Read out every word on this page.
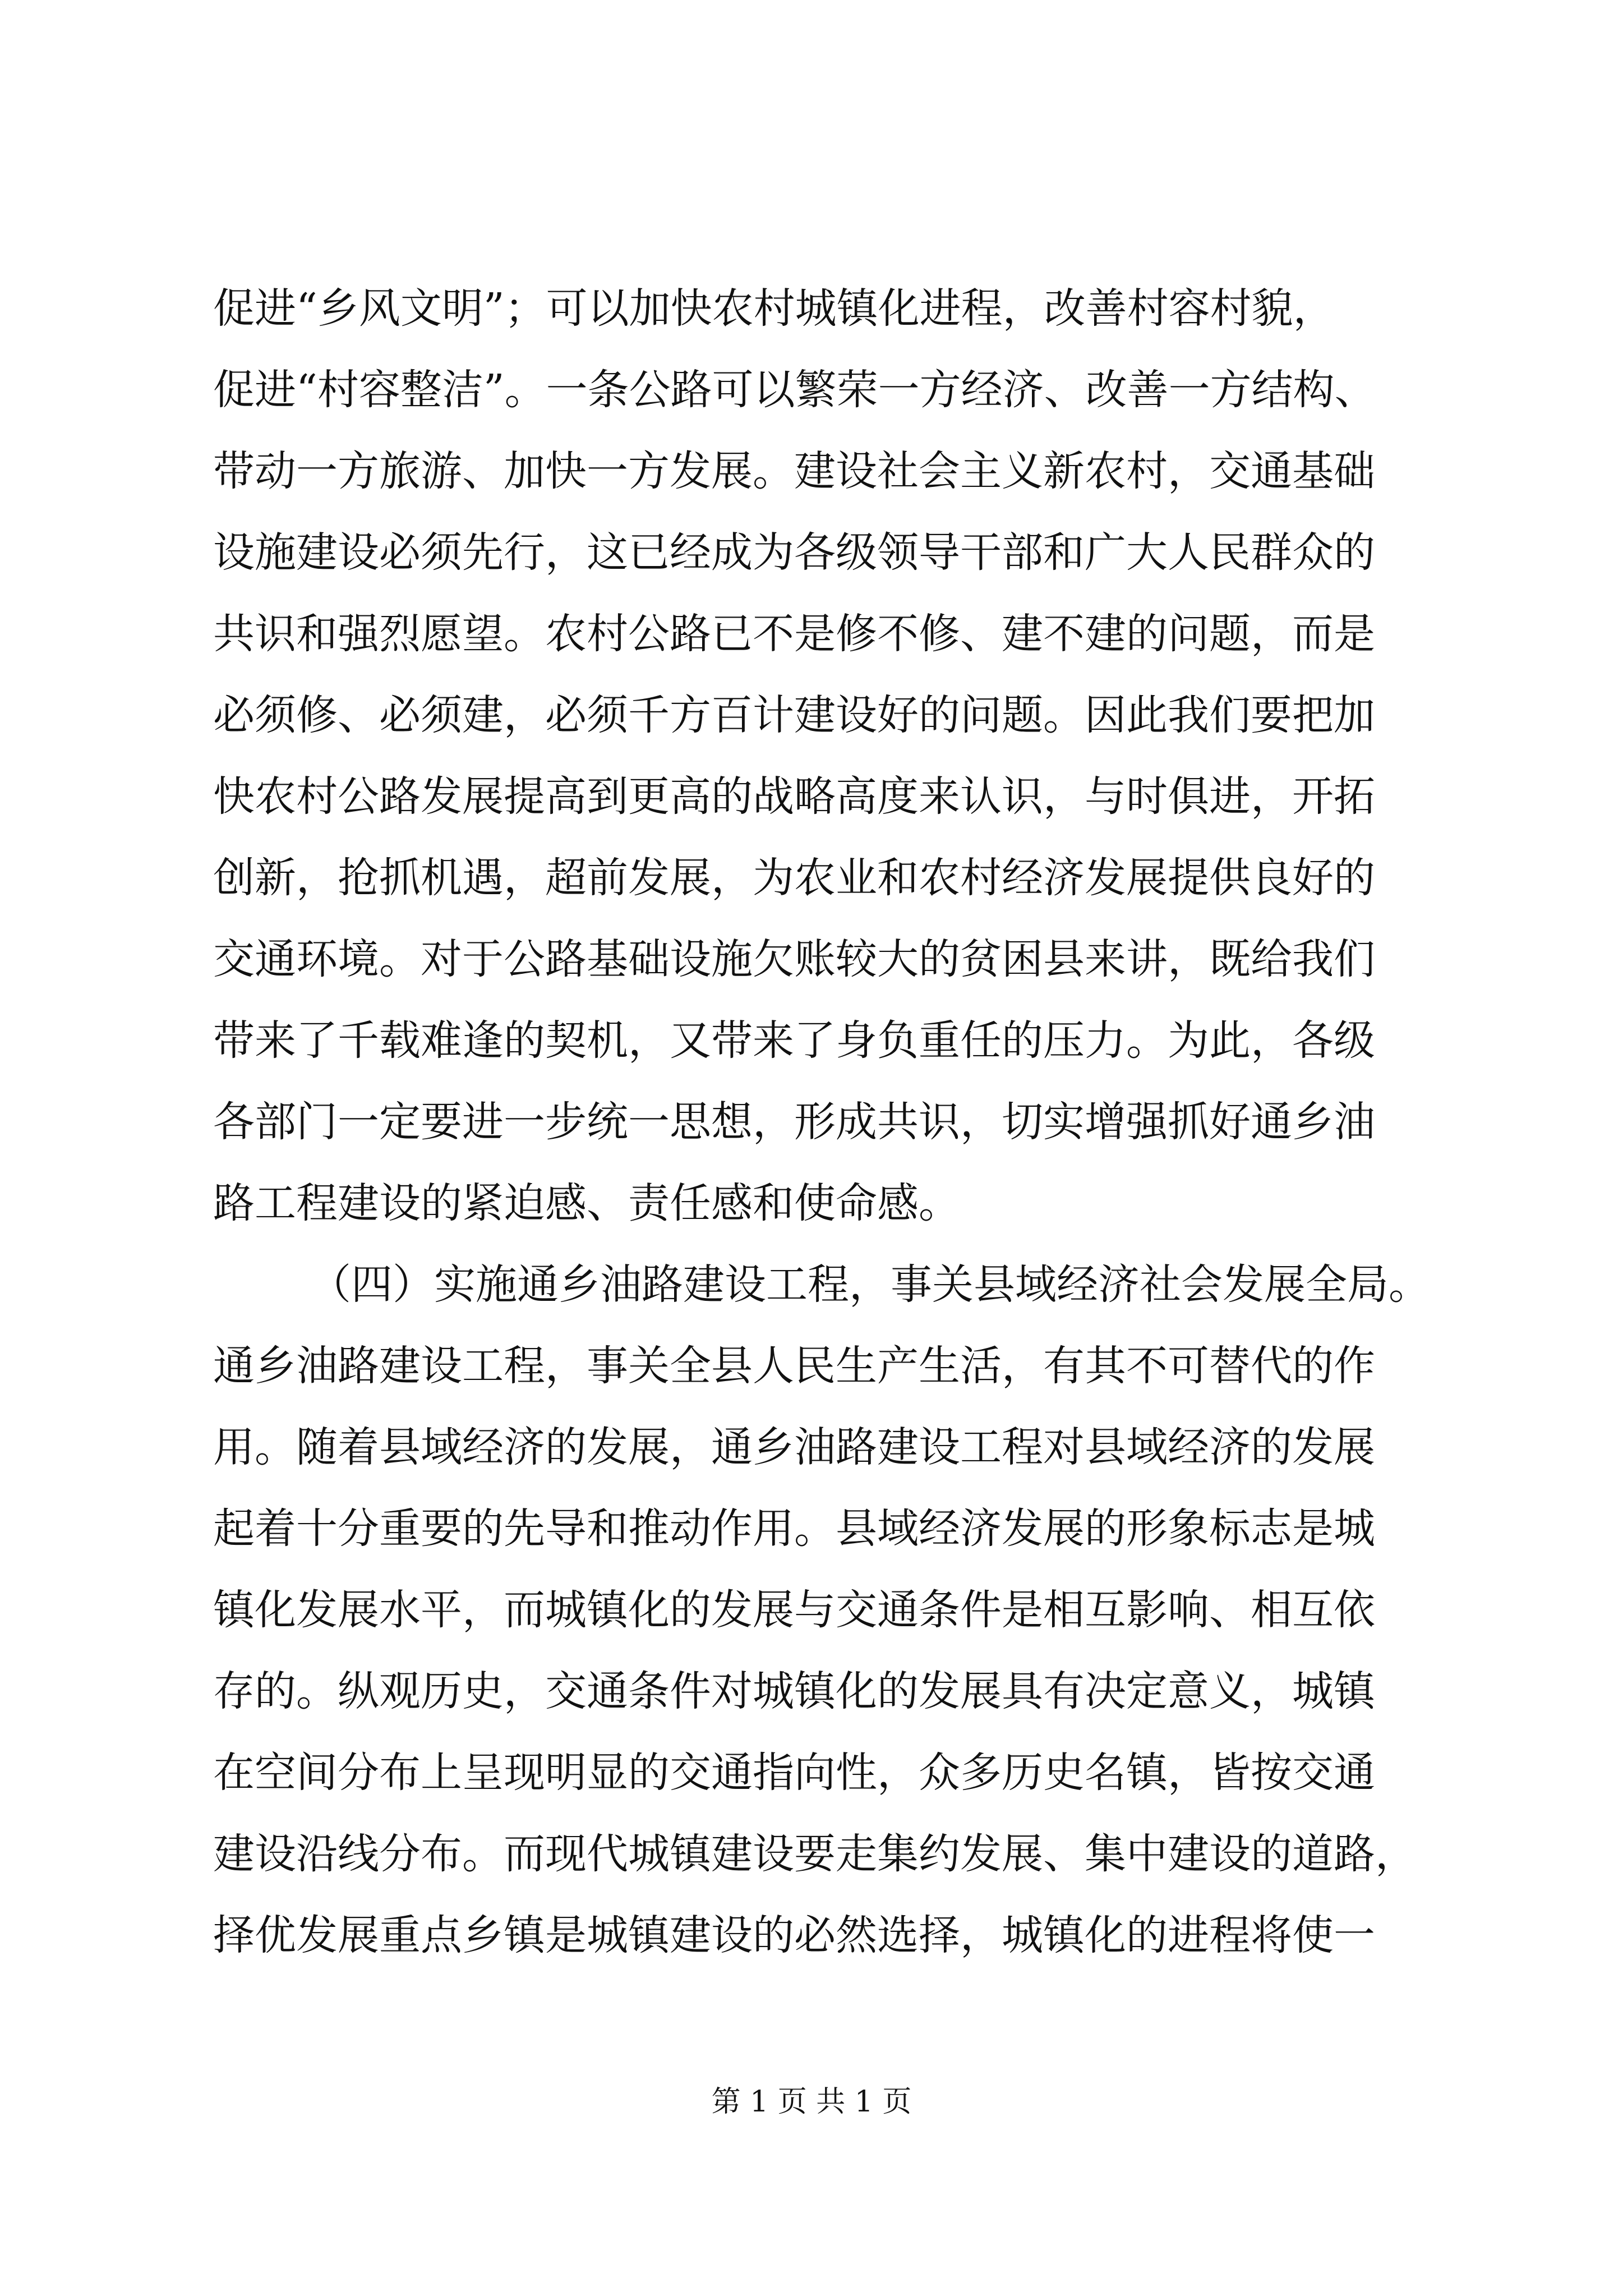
促进“乡风文明”；可以加快农村城镇化进程，改善村容村貌，
促进“村容整洁”。一条公路可以繁荣一方经济、改善一方结构、
带动一方旅游、加快一方发展。建设社会主义新农村，交通基础
设施建设必须先行，这已经成为各级领导干部和广大人民群众的
共识和强烈愿望。农村公路已不是修不修、建不建的问题，而是
必须修、必须建，必须千方百计建设好的问题。因此我们要把加
快农村公路发展提高到更高的战略高度来认识，与时俱进，开拓
创新，抢抓机遇，超前发展，为农业和农村经济发展提供良好的
交通环境。对于公路基础设施欠账较大的贫困县来讲，既给我们
带来了千载难逢的契机，又带来了身负重任的压力。为此，各级
各部门一定要进一步统一思想，形成共识，切实增强抓好通乡油
路工程建设的紧迫感、责任感和使命感。
（四）实施通乡油路建设工程，事关县域经济社会发展全局。
通乡油路建设工程，事关全县人民生产生活，有其不可替代的作
用。随着县域经济的发展，通乡油路建设工程对县域经济的发展
起着十分重要的先导和推动作用。县域经济发展的形象标志是城
镇化发展水平，而城镇化的发展与交通条件是相互影响、相互依
存的。纵观历史，交通条件对城镇化的发展具有决定意义，城镇
在空间分布上呈现明显的交通指向性，众多历史名镇，皆按交通
建设沿线分布。而现代城镇建设要走集约发展、集中建设的道路，
择优发展重点乡镇是城镇建设的必然选择，城镇化的进程将使一
第 1 页 共 1 页
